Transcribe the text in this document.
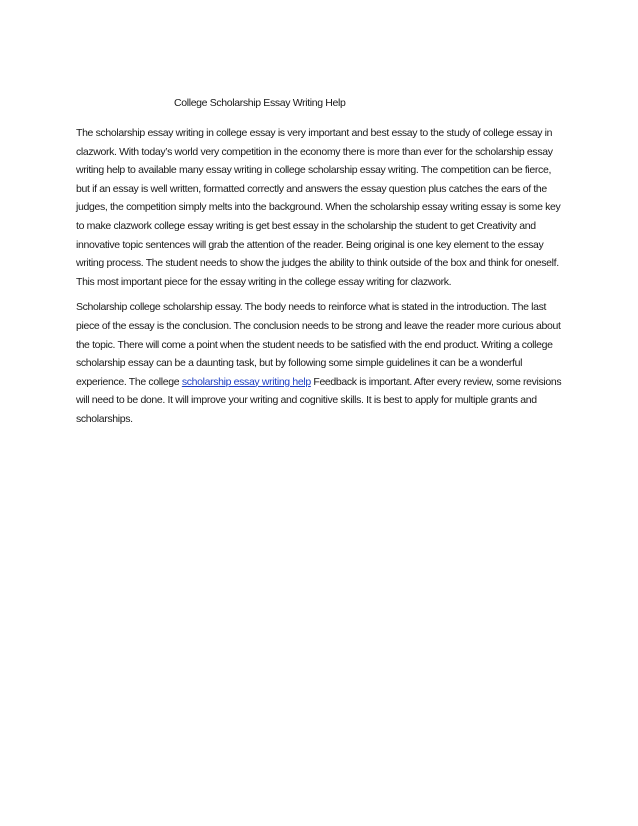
College Scholarship Essay Writing Help

The scholarship essay writing in college essay is very important and best essay to the study of college essay in clazwork. With today’s world very competition in the economy there is more than ever for the scholarship essay writing help to available many essay writing in college scholarship essay writing. The competition can be fierce, but if an essay is well written, formatted correctly and answers the essay question plus catches the ears of the judges, the competition simply melts into the background. When the scholarship essay writing essay is some key to make clazwork college essay writing is get best essay in the scholarship the student to get Creativity and innovative topic sentences will grab the attention of the reader. Being original is one key element to the essay writing process. The student needs to show the judges the ability to think outside of the box and think for oneself. This most important piece for the essay writing in the college essay writing for clazwork.

Scholarship college scholarship essay. The body needs to reinforce what is stated in the introduction. The last piece of the essay is the conclusion. The conclusion needs to be strong and leave the reader more curious about the topic. There will come a point when the student needs to be satisfied with the end product. Writing a college scholarship essay can be a daunting task, but by following some simple guidelines it can be a wonderful experience. The college scholarship essay writing help Feedback is important. After every review, some revisions will need to be done. It will improve your writing and cognitive skills. It is best to apply for multiple grants and scholarships.
